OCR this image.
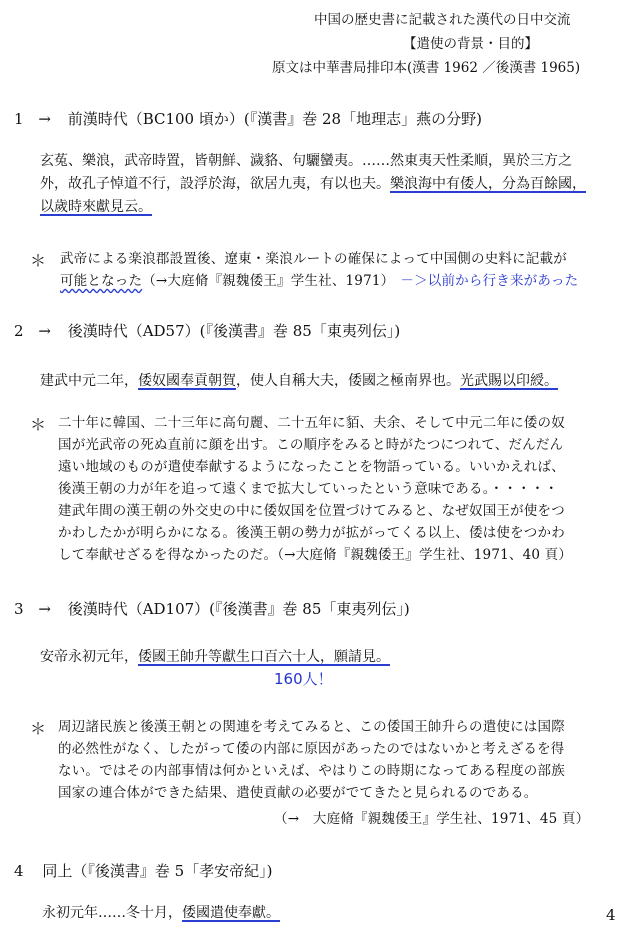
中国の歴史書に記載された漢代の日中交流
【遣使の背景・目的】
原文は中華書局排印本(漢書 1962 ／後漢書 1965)
1 → 前漢時代（BC100 頃か）(『漢書』巻 28「地理志」燕の分野)
玄菟、樂浪，武帝時置，皆朝鮮、濊貉、句驪蠻夷。……然東夷天性柔順，異於三方之
外，故孔子悼道不行，設浮於海，欲居九夷，有以也夫。樂浪海中有倭人，分為百餘國，
以歲時來獻見云。
＊ 武帝による楽浪郡設置後、遼東・楽浪ルートの確保によって中国側の史料に記載が
可能となった（→大庭脩『親魏倭王』学生社、1971） －＞以前から行き来があった
2 → 後漢時代（AD57）(『後漢書』巻 85「東夷列伝」)
建武中元二年，倭奴國奉貢朝賀，使人自稱大夫，倭國之極南界也。光武賜以印綬。
＊ 二十年に韓国、二十三年に高句麗、二十五年に貊、夫余、そして中元二年に倭の奴
国が光武帝の死ぬ直前に顔を出す。この順序をみると時がたつにつれて、だんだん
遠い地域のものが遣使奉献するようになったことを物語っている。いいかえれば、
後漢王朝の力が年を追って遠くまで拡大していったという意味である。・・・・・
建武年間の漢王朝の外交史の中に倭奴国を位置づけてみると、なぜ奴国王が使をつ
かわしたかが明らかになる。後漢王朝の勢力が拡がってくる以上、倭は使をつかわ
して奉献せざるを得なかったのだ。（→大庭脩『親魏倭王』学生社、1971、40 頁）
3 → 後漢時代（AD107）(『後漢書』巻 85「東夷列伝」)
安帝永初元年，倭國王帥升等獻生口百六十人，願請見。
160人！
＊ 周辺諸民族と後漢王朝との関連を考えてみると、この倭国王帥升らの遣使には国際
的必然性がなく、したがって倭の内部に原因があったのではないかと考えざるを得
ない。ではその内部事情は何かといえば、やはりこの時期になってある程度の部族
国家の連合体ができた結果、遣使貢献の必要がでてきたと見られるのである。
（→　大庭脩『親魏倭王』学生社、1971、45 頁）
4 同上（『後漢書』巻 5「孝安帝紀」)
永初元年……冬十月，倭國遣使奉獻。	4
